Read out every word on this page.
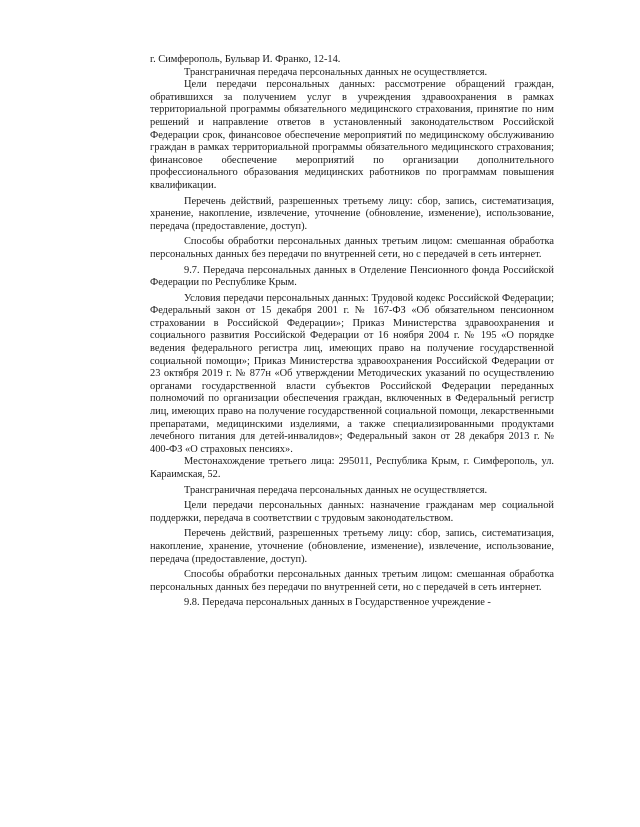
г. Симферополь, Бульвар И. Франко, 12-14.

Трансграничная передача персональных данных не осуществляется.

Цели передачи персональных данных: рассмотрение обращений граждан, обратившихся за получением услуг в учреждения здравоохранения в рамках территориальной программы обязательного медицинского страхования, принятие по ним решений и направление ответов в установленный законодательством Российской Федерации срок, финансовое обеспечение мероприятий по медицинскому обслуживанию граждан в рамках территориальной программы обязательного медицинского страхования; финансовое обеспечение мероприятий по организации дополнительного профессионального образования медицинских работников по программам повышения квалификации.

Перечень действий, разрешенных третьему лицу: сбор, запись, систематизация, хранение, накопление, извлечение, уточнение (обновление, изменение), использование, передача (предоставление, доступ).

Способы обработки персональных данных третьим лицом: смешанная обработка персональных данных без передачи по внутренней сети, но с передачей в сеть интернет.

9.7. Передача персональных данных в Отделение Пенсионного фонда Российской Федерации по Республике Крым.

Условия передачи персональных данных: Трудовой кодекс Российской Федерации; Федеральный закон от 15 декабря 2001 г. № 167-ФЗ «Об обязательном пенсионном страховании в Российской Федерации»; Приказ Министерства здравоохранения и социального развития Российской Федерации от 16 ноября 2004 г. № 195 «О порядке ведения федерального регистра лиц, имеющих право на получение государственной социальной помощи»; Приказ Министерства здравоохранения Российской Федерации от 23 октября 2019 г. № 877н «Об утверждении Методических указаний по осуществлению органами государственной власти субъектов Российской Федерации переданных полномочий по организации обеспечения граждан, включенных в Федеральный регистр лиц, имеющих право на получение государственной социальной помощи, лекарственными препаратами, медицинскими изделиями, а также специализированными продуктами лечебного питания для детей-инвалидов»; Федеральный закон от 28 декабря 2013 г. № 400-ФЗ «О страховых пенсиях».

Местонахождение третьего лица: 295011, Республика Крым, г. Симферополь, ул. Караимская, 52.

Трансграничная передача персональных данных не осуществляется.

Цели передачи персональных данных: назначение гражданам мер социальной поддержки, передача в соответствии с трудовым законодательством.

Перечень действий, разрешенных третьему лицу: сбор, запись, систематизация, накопление, хранение, уточнение (обновление, изменение), извлечение, использование, передача (предоставление, доступ).

Способы обработки персональных данных третьим лицом: смешанная обработка персональных данных без передачи по внутренней сети, но с передачей в сеть интернет.

9.8. Передача персональных данных в Государственное учреждение -
